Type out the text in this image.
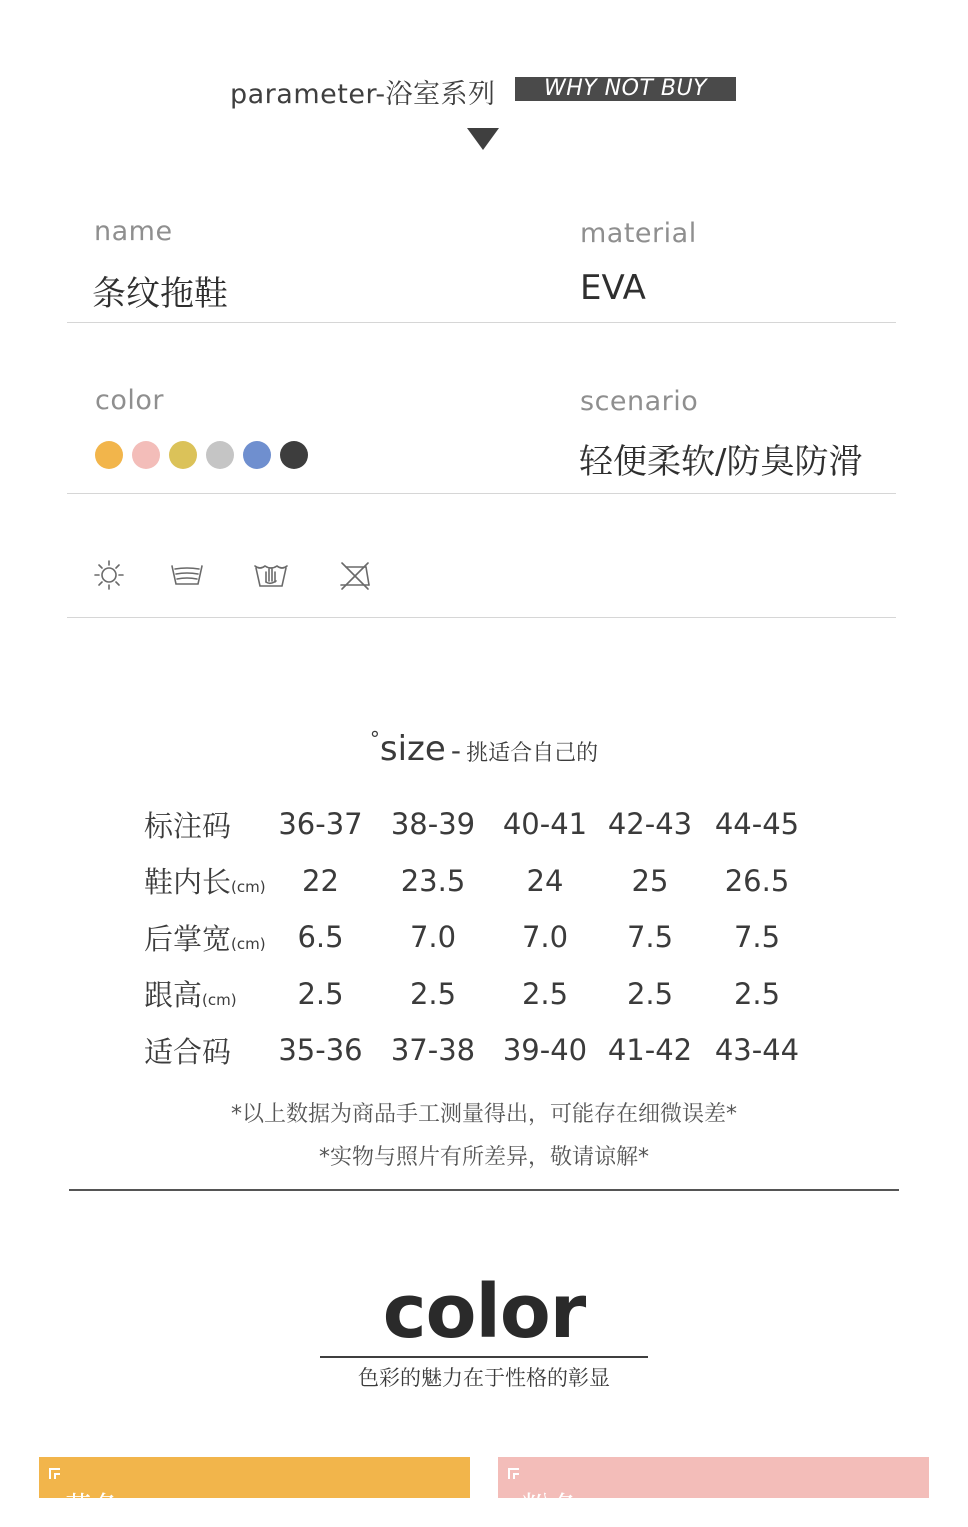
parameter-浴室系列	WHY NOT BUY
name
条纹拖鞋
material
EVA
color	scenario
轻便柔软/防臭防滑
°size - 挑适合自己的
标注码	36-37	38-39	40-41	42-43	44-45
鞋内长(cm)	22	23.5	24	25	26.5
后掌宽(cm)	6.5	7.0	7.0	7.5	7.5
跟高(cm)	2.5	2.5	2.5	2.5	2.5
适合码	35-36	37-38	39-40	41-42	43-44
*以上数据为商品手工测量得出，可能存在细微误差*
*实物与照片有所差异，敬请谅解*
color
色彩的魅力在于性格的彰显
黄色	粉色
